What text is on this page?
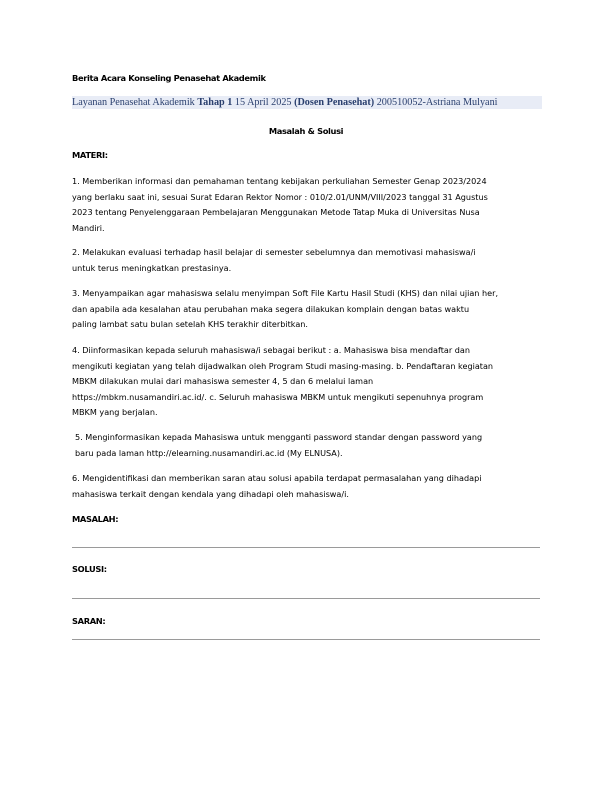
Berita Acara Konseling Penasehat Akademik
Layanan Penasehat Akademik Tahap 1 15 April 2025 (Dosen Penasehat) 200510052-Astriana Mulyani
Masalah & Solusi
MATERI:
1. Memberikan informasi dan pemahaman tentang kebijakan perkuliahan Semester Genap 2023/2024
yang berlaku saat ini, sesuai Surat Edaran Rektor Nomor : 010/2.01/UNM/VIII/2023 tanggal 31 Agustus
2023 tentang Penyelenggaraan Pembelajaran Menggunakan Metode Tatap Muka di Universitas Nusa
Mandiri.
2. Melakukan evaluasi terhadap hasil belajar di semester sebelumnya dan memotivasi mahasiswa/i
untuk terus meningkatkan prestasinya.
3. Menyampaikan agar mahasiswa selalu menyimpan Soft File Kartu Hasil Studi (KHS) dan nilai ujian her,
dan apabila ada kesalahan atau perubahan maka segera dilakukan komplain dengan batas waktu
paling lambat satu bulan setelah KHS terakhir diterbitkan.
4. Diinformasikan kepada seluruh mahasiswa/i sebagai berikut : a. Mahasiswa bisa mendaftar dan
mengikuti kegiatan yang telah dijadwalkan oleh Program Studi masing-masing. b. Pendaftaran kegiatan
MBKM dilakukan mulai dari mahasiswa semester 4, 5 dan 6 melalui laman
https://mbkm.nusamandiri.ac.id/. c. Seluruh mahasiswa MBKM untuk mengikuti sepenuhnya program
MBKM yang berjalan.
5. Menginformasikan kepada Mahasiswa untuk mengganti password standar dengan password yang
baru pada laman http://elearning.nusamandiri.ac.id (My ELNUSA).
6. Mengidentifikasi dan memberikan saran atau solusi apabila terdapat permasalahan yang dihadapi
mahasiswa terkait dengan kendala yang dihadapi oleh mahasiswa/i.
MASALAH:
SOLUSI:
SARAN:
